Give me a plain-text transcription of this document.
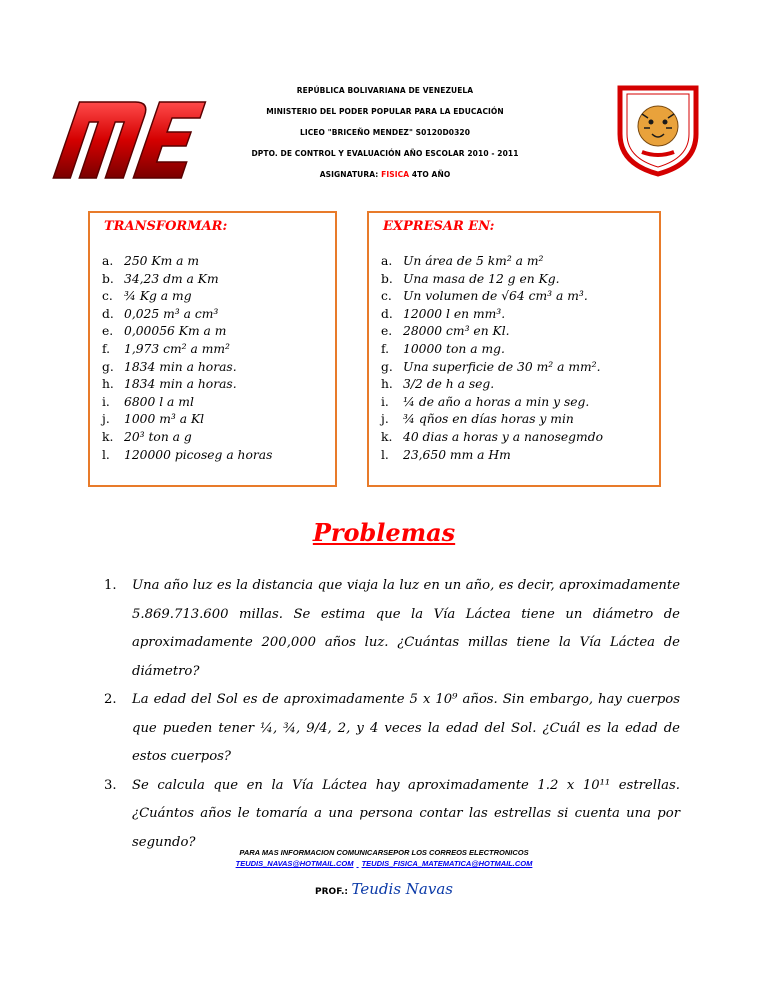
mE	REPÚBLICA BOLIVARIANA DE VENEZUELA
MINISTERIO DEL PODER POPULAR PARA LA EDUCACIÓN
LICEO "BRICEÑO MENDEZ" S0120D0320
DPTO. DE CONTROL Y EVALUACIÓN AÑO ESCOLAR 2010 - 2011
ASIGNATURA: FISICA 4TO AÑO
TRANSFORMAR:
a. 250 Km a m
b. 34,23 dm a Km
c. ¾ Kg a mg
d. 0,025 m³ a cm³
e. 0,00056 Km a m
f. 1,973 cm² a mm²
g. 1834 min a horas.
h. 1834 min a horas.
i. 6800 l a ml
j. 1000 m³ a Kl
k. 20³ ton a g
l. 120000 picoseg a horas
EXPRESAR EN:
a. Un área de 5 km² a m²
b. Una masa de 12 g en Kg.
c. Un volumen de √64 cm³ a m³.
d. 12000 l en mm³.
e. 28000 cm³ en Kl.
f. 10000 ton a mg.
g. Una superficie de 30 m² a mm².
h. 3/2 de h a seg.
i. ¼ de año a horas a min y seg.
j. ¾ qños en días horas y min
k. 40 dias a horas y a nanosegmdo
l. 23,650 mm a Hm
Problemas
1. Una año luz es la distancia que viaja la luz en un año, es decir, aproximadamente 5.869.713.600 millas. Se estima que la Vía Láctea tiene un diámetro de aproximadamente 200,000 años luz. ¿Cuántas millas tiene la Vía Láctea de diámetro?
2. La edad del Sol es de aproximadamente 5 x 10⁹ años. Sin embargo, hay cuerpos que pueden tener ¼, ¾, 9/4, 2, y 4 veces la edad del Sol. ¿Cuál es la edad de estos cuerpos?
3. Se calcula que en la Vía Láctea hay aproximadamente 1.2 x 10¹¹ estrellas. ¿Cuántos años le tomaría a una persona contar las estrellas si cuenta una por segundo?
PARA MAS INFORMACION COMUNICARSEPOR LOS CORREOS ELECTRONICOS
TEUDIS_NAVAS@HOTMAIL.COM TEUDIS_FISICA_MATEMATICA@HOTMAIL.COM
PROF.: Teudis Navas
